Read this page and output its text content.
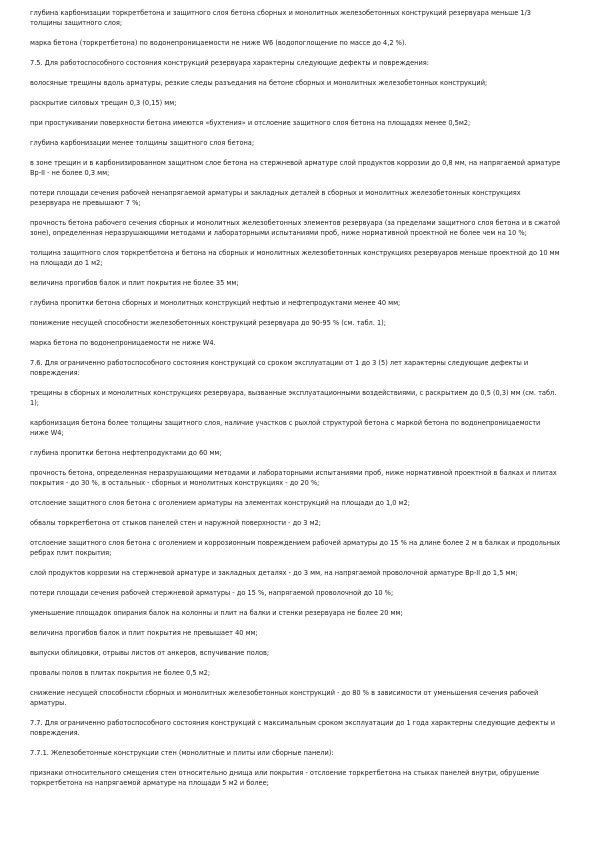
глубина карбонизации торкретбетона и защитного слоя бетона сборных и монолитных железобетонных конструкций резервуара меньше 1/3 толщины защитного слоя;

марка бетона (торкретбетона) по водонепроницаемости не ниже W6 (водопоглощение по массе до 4,2 %).

7.5. Для работоспособного состояния конструкций резервуара характерны следующие дефекты и повреждения:

волосяные трещины вдоль арматуры, резкие следы разъедания на бетоне сборных и монолитных железобетонных конструкций;

раскрытие силовых трещин 0,3 (0,15) мм;

при простукивании поверхности бетона имеются «бухтения» и отслоение защитного слоя бетона на площадях менее 0,5м2;

глубина карбонизации менее толщины защитного слоя бетона;

в зоне трещин и в карбонизированном защитном слое бетона на стержневой арматуре слой продуктов коррозии до 0,8 мм, на напрягаемой арматуре Вр-II - не более 0,3 мм;

потери площади сечения рабочей ненапрягаемой арматуры и закладных деталей в сборных и монолитных железобетонных конструкциях резервуара не превышают 7 %;

прочность бетона рабочего сечения сборных и монолитных железобетонных элементов резервуара (за пределами защитного слоя бетона и в сжатой зоне), определенная неразрушающими методами и лабораторными испытаниями проб, ниже нормативной проектной не более чем на 10 %;

толщина защитного слоя торкретбетона и бетона на сборных и монолитных железобетонных конструкциях резервуаров меньше проектной до 10 мм на площади до 1 м2;

величина прогибов балок и плит покрытия не более 35 мм;

глубина пропитки бетона сборных и монолитных конструкций нефтью и нефтепродуктами менее 40 мм;

понижение несущей способности железобетонных конструкций резервуара до 90-95 % (см. табл. 1);

марка бетона по водонепроницаемости не ниже W4.

7.6. Для ограниченно работоспособного состояния конструкций со сроком эксплуатации от 1 до 3 (5) лет характерны следующие дефекты и повреждения:

трещины в сборных и монолитных конструкциях резервуара, вызванные эксплуатационными воздействиями, с раскрытием до 0,5 (0,3) мм (см. табл. 1);

карбонизация бетона более толщины защитного слоя, наличие участков с рыхлой структурой бетона с маркой бетона по водонепроницаемости ниже W4;

глубина пропитки бетона нефтепродуктами до 60 мм;

прочность бетона, определенная неразрушающими методами и лабораторными испытаниями проб, ниже нормативной проектной в балках и плитах покрытия - до 30 %, в остальных - сборных и монолитных конструкциях - до 20 %;

отслоение защитного слоя бетона с оголением арматуры на элементах конструкций на площади до 1,0 м2;

обвалы торкретбетона от стыков панелей стен и наружной поверхности - до 3 м2;

отслоение защитного слоя бетона с оголением и коррозионным повреждением рабочей арматуры до 15 % на длине более 2 м в балках и продольных ребрах плит покрытия;

слой продуктов коррозии на стержневой арматуре и закладных деталях - до 3 мм, на напрягаемой проволочной арматуре Вр-II до 1,5 мм;

потери площади сечения рабочей стержневой арматуры - до 15 %, напрягаемой проволочной до 10 %;

уменьшение площадок опирания балок на колонны и плит на балки и стенки резервуара не более 20 мм;

величина прогибов балок и плит покрытия не превышает 40 мм;

выпуски облицовки, отрывы листов от анкеров, вспучивание полов;

провалы полов в плитах покрытия не более 0,5 м2;

снижение несущей способности сборных и монолитных железобетонных конструкций - до 80 % в зависимости от уменьшения сечения рабочей арматуры.

7.7. Для ограниченно работоспособного состояния конструкций с максимальным сроком эксплуатации до 1 года характерны следующие дефекты и повреждения.

7.7.1. Железобетонные конструкции стен (монолитные и плиты или сборные панели):

признаки относительного смещения стен относительно днища или покрытия - отслоение торкретбетона на стыках панелей внутри, обрушение торкретбетона на напрягаемой арматуре на площади 5 м2 и более;
